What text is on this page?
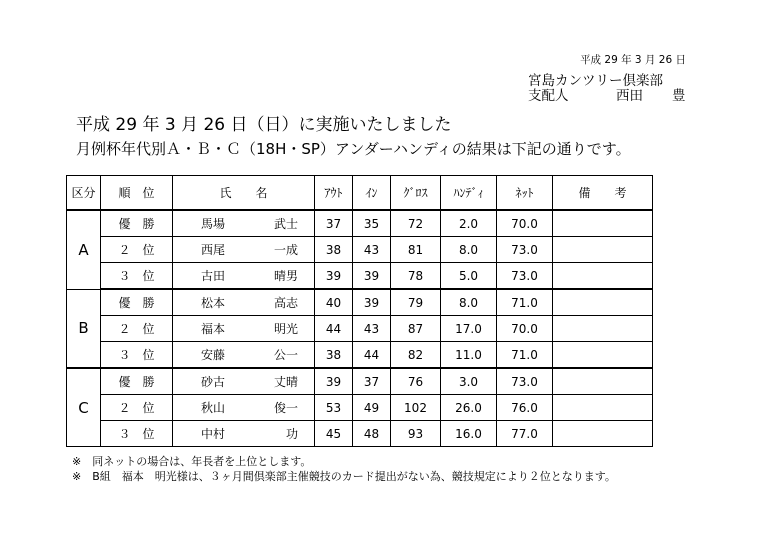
平成 29 年 3 月 26 日
宮島カンツリー倶楽部
支配人	西田	豊
平成 29 年 3 月 26 日（日）に実施いたしました
月例杯年代別Ａ・Ｂ・Ｃ（18H・SP）アンダーハンディの結果は下記の通りです。
区分	順　位	氏　　名	ｱｳﾄ	ｲﾝ	ｸﾞﾛｽ	ﾊﾝﾃﾞｨ	ﾈｯﾄ	備　　考
A	優　勝	馬場 武士	37	35	72	2.0	70.0	
	２　位	西尾 一成	38	43	81	8.0	73.0	
	３　位	古田 晴男	39	39	78	5.0	73.0	
B	優　勝	松本 高志	40	39	79	8.0	71.0	
	２　位	福本 明光	44	43	87	17.0	70.0	
	３　位	安藤 公一	38	44	82	11.0	71.0	
C	優　勝	砂古 丈晴	39	37	76	3.0	73.0	
	２　位	秋山 俊一	53	49	102	26.0	76.0	
	３　位	中村 功	45	48	93	16.0	77.0	
※　同ネットの場合は、年長者を上位とします。
※　B組　福本　明光様は、３ヶ月間倶楽部主催競技のカード提出がない為、競技規定により２位となります。
